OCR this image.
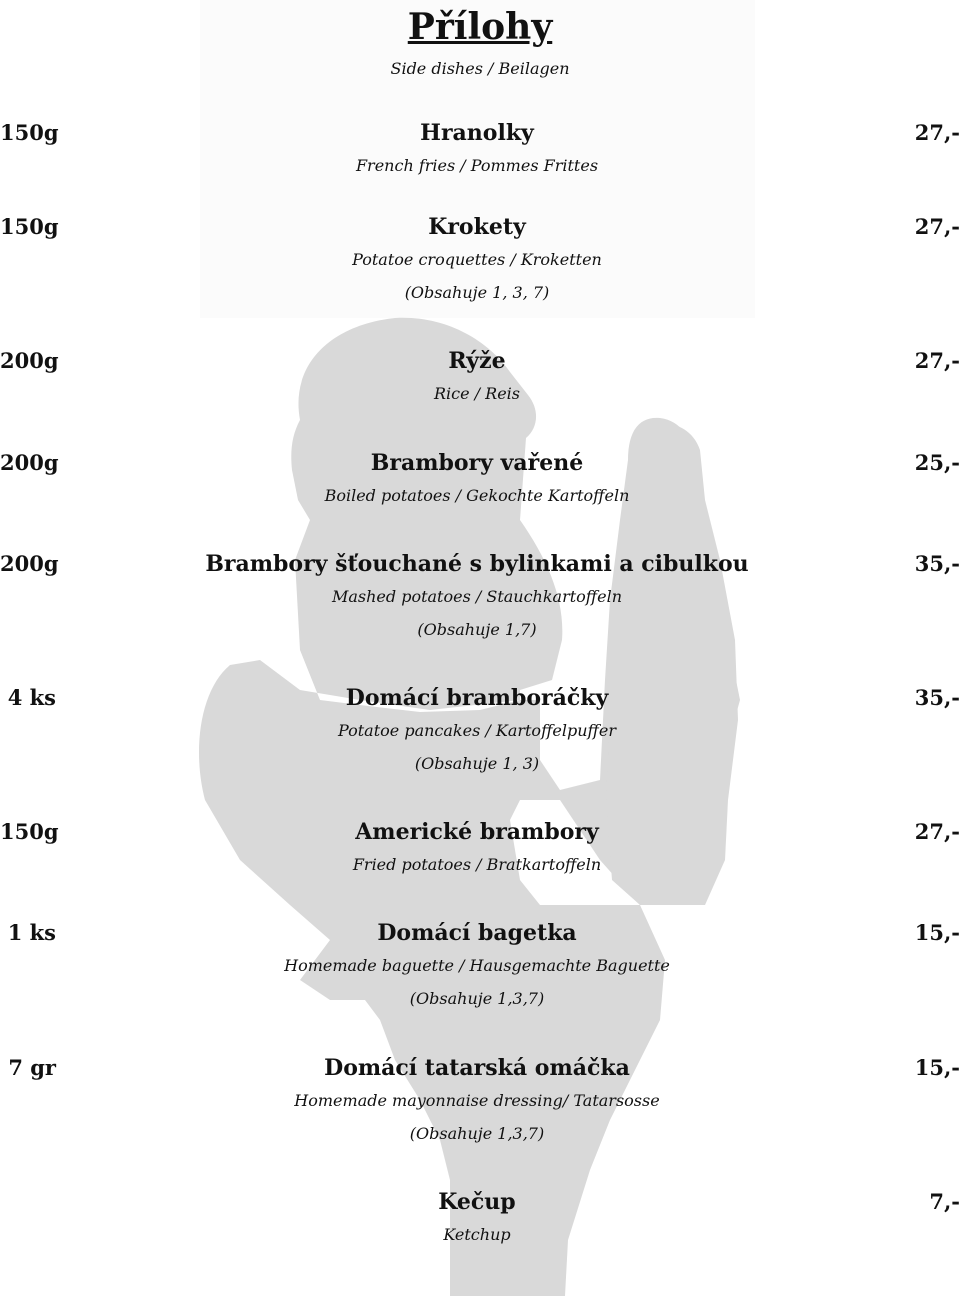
Přílohy
Side dishes / Beilagen
150g	Hranolky	27,-
French fries / Pommes Frittes
150g	Krokety	27,-
Potatoe croquettes / Kroketten
(Obsahuje 1, 3, 7)
200g	Rýže	27,-
Rice / Reis
200g	Brambory vařené	25,-
Boiled potatoes / Gekochte Kartoffeln
200g	Brambory šťouchané s bylinkami a cibulkou	35,-
Mashed potatoes / Stauchkartoffeln
(Obsahuje 1,7)
4 ks	Domácí bramboráčky	35,-
Potatoe pancakes / Kartoffelpuffer
(Obsahuje 1, 3)
150g	Americké brambory	27,-
Fried potatoes / Bratkartoffeln
1 ks	Domácí bagetka	15,-
Homemade baguette / Hausgemachte Baguette
(Obsahuje 1,3,7)
7 gr	Domácí tatarská omáčka	15,-
Homemade mayonnaise dressing/ Tatarsosse
(Obsahuje 1,3,7)
Kečup	7,-
Ketchup
